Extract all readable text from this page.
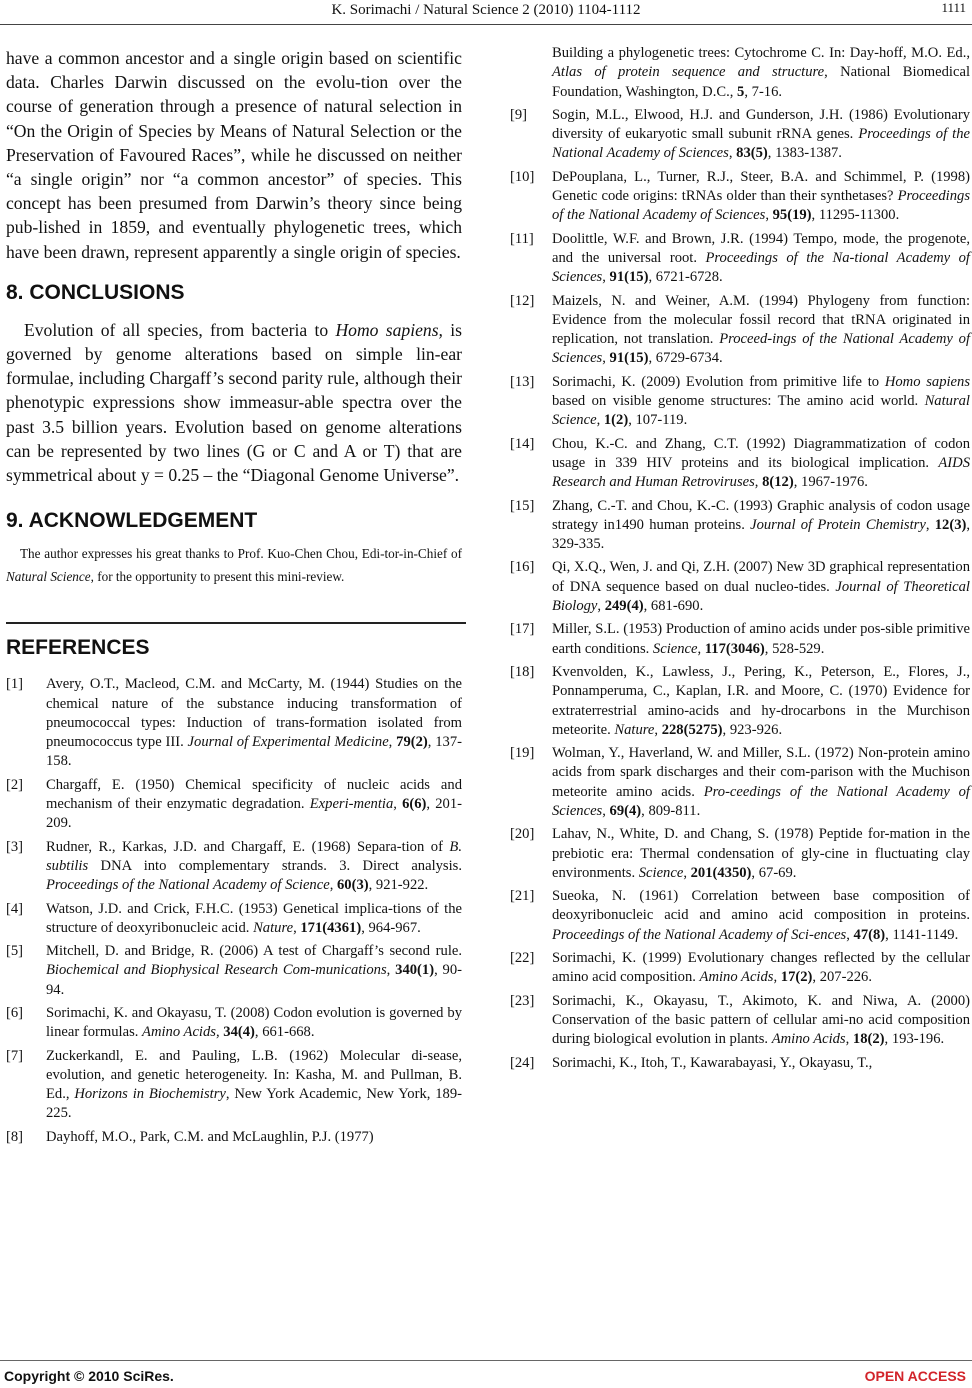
K. Sorimachi / Natural Science 2 (2010) 1104-1112	1111

have a common ancestor and a single origin based on scientific data. Charles Darwin discussed on the evolu-tion over the course of generation through a presence of natural selection in “On the Origin of Species by Means of Natural Selection or the Preservation of Favoured Races”, while he discussed on neither “a single origin” nor “a common ancestor” of species. This concept has been presumed from Darwin’s theory since being pub-lished in 1859, and eventually phylogenetic trees, which have been drawn, represent apparently a single origin of species.

8. CONCLUSIONS

Evolution of all species, from bacteria to Homo sapiens, is governed by genome alterations based on simple lin-ear formulae, including Chargaff’s second parity rule, although their phenotypic expressions show immeasur-able spectra over the past 3.5 billion years. Evolution based on genome alterations can be represented by two lines (G or C and A or T) that are symmetrical about y = 0.25 – the “Diagonal Genome Universe”.

9. ACKNOWLEDGEMENT

The author expresses his great thanks to Prof. Kuo-Chen Chou, Edi-tor-in-Chief of Natural Science, for the opportunity to present this mini-review.

REFERENCES
[1]	Avery, O.T., Macleod, C.M. and McCarty, M. (1944) Studies on the chemical nature of the substance inducing transformation of pneumococcal types: Induction of trans-formation isolated from pneumococcus type III. Journal of Experimental Medicine, 79(2), 137-158.
[2]	Chargaff, E. (1950) Chemical specificity of nucleic acids and mechanism of their enzymatic degradation. Experi-mentia, 6(6), 201-209.
[3]	Rudner, R., Karkas, J.D. and Chargaff, E. (1968) Separa-tion of B. subtilis DNA into complementary strands. 3. Direct analysis. Proceedings of the National Academy of Science, 60(3), 921-922.
[4]	Watson, J.D. and Crick, F.H.C. (1953) Genetical implica-tions of the structure of deoxyribonucleic acid. Nature, 171(4361), 964-967.
[5]	Mitchell, D. and Bridge, R. (2006) A test of Chargaff’s second rule. Biochemical and Biophysical Research Com-munications, 340(1), 90-94.
[6]	Sorimachi, K. and Okayasu, T. (2008) Codon evolution is governed by linear formulas. Amino Acids, 34(4), 661-668.
[7]	Zuckerkandl, E. and Pauling, L.B. (1962) Molecular di-sease, evolution, and genetic heterogeneity. In: Kasha, M. and Pullman, B. Ed., Horizons in Biochemistry, New York Academic, New York, 189-225.
[8]	Dayhoff, M.O., Park, C.M. and McLaughlin, P.J. (1977)
Building a phylogenetic trees: Cytochrome C. In: Day-hoff, M.O. Ed., Atlas of protein sequence and structure, National Biomedical Foundation, Washington, D.C., 5, 7-16.
[9]	Sogin, M.L., Elwood, H.J. and Gunderson, J.H. (1986) Evolutionary diversity of eukaryotic small subunit rRNA genes. Proceedings of the National Academy of Sciences, 83(5), 1383-1387.
[10]	DePouplana, L., Turner, R.J., Steer, B.A. and Schimmel, P. (1998) Genetic code origins: tRNAs older than their synthetases? Proceedings of the National Academy of Sciences, 95(19), 11295-11300.
[11]	Doolittle, W.F. and Brown, J.R. (1994) Tempo, mode, the progenote, and the universal root. Proceedings of the Na-tional Academy of Sciences, 91(15), 6721-6728.
[12]	Maizels, N. and Weiner, A.M. (1994) Phylogeny from function: Evidence from the molecular fossil record that tRNA originated in replication, not translation. Proceed-ings of the National Academy of Sciences, 91(15), 6729-6734.
[13]	Sorimachi, K. (2009) Evolution from primitive life to Homo sapiens based on visible genome structures: The amino acid world. Natural Science, 1(2), 107-119.
[14]	Chou, K.-C. and Zhang, C.T. (1992) Diagrammatization of codon usage in 339 HIV proteins and its biological implication. AIDS Research and Human Retroviruses, 8(12), 1967-1976.
[15]	Zhang, C.-T. and Chou, K.-C. (1993) Graphic analysis of codon usage strategy in1490 human proteins. Journal of Protein Chemistry, 12(3), 329-335.
[16]	Qi, X.Q., Wen, J. and Qi, Z.H. (2007) New 3D graphical representation of DNA sequence based on dual nucleo-tides. Journal of Theoretical Biology, 249(4), 681-690.
[17]	Miller, S.L. (1953) Production of amino acids under pos-sible primitive earth conditions. Science, 117(3046), 528-529.
[18]	Kvenvolden, K., Lawless, J., Pering, K., Peterson, E., Flores, J., Ponnamperuma, C., Kaplan, I.R. and Moore, C. (1970) Evidence for extraterrestrial amino-acids and hy-drocarbons in the Murchison meteorite. Nature, 228(5275), 923-926.
[19]	Wolman, Y., Haverland, W. and Miller, S.L. (1972) Non-protein amino acids from spark discharges and their com-parison with the Muchison meteorite amino acids. Pro-ceedings of the National Academy of Sciences, 69(4), 809-811.
[20]	Lahav, N., White, D. and Chang, S. (1978) Peptide for-mation in the prebiotic era: Thermal condensation of gly-cine in fluctuating clay environments. Science, 201(4350), 67-69.
[21]	Sueoka, N. (1961) Correlation between base composition of deoxyribonucleic acid and amino acid composition in proteins. Proceedings of the National Academy of Sci-ences, 47(8), 1141-1149.
[22]	Sorimachi, K. (1999) Evolutionary changes reflected by the cellular amino acid composition. Amino Acids, 17(2), 207-226.
[23]	Sorimachi, K., Okayasu, T., Akimoto, K. and Niwa, A. (2000) Conservation of the basic pattern of cellular ami-no acid composition during biological evolution in plants. Amino Acids, 18(2), 193-196.
[24]	Sorimachi, K., Itoh, T., Kawarabayasi, Y., Okayasu, T.,
Copyright © 2010 SciRes.	OPEN ACCESS
